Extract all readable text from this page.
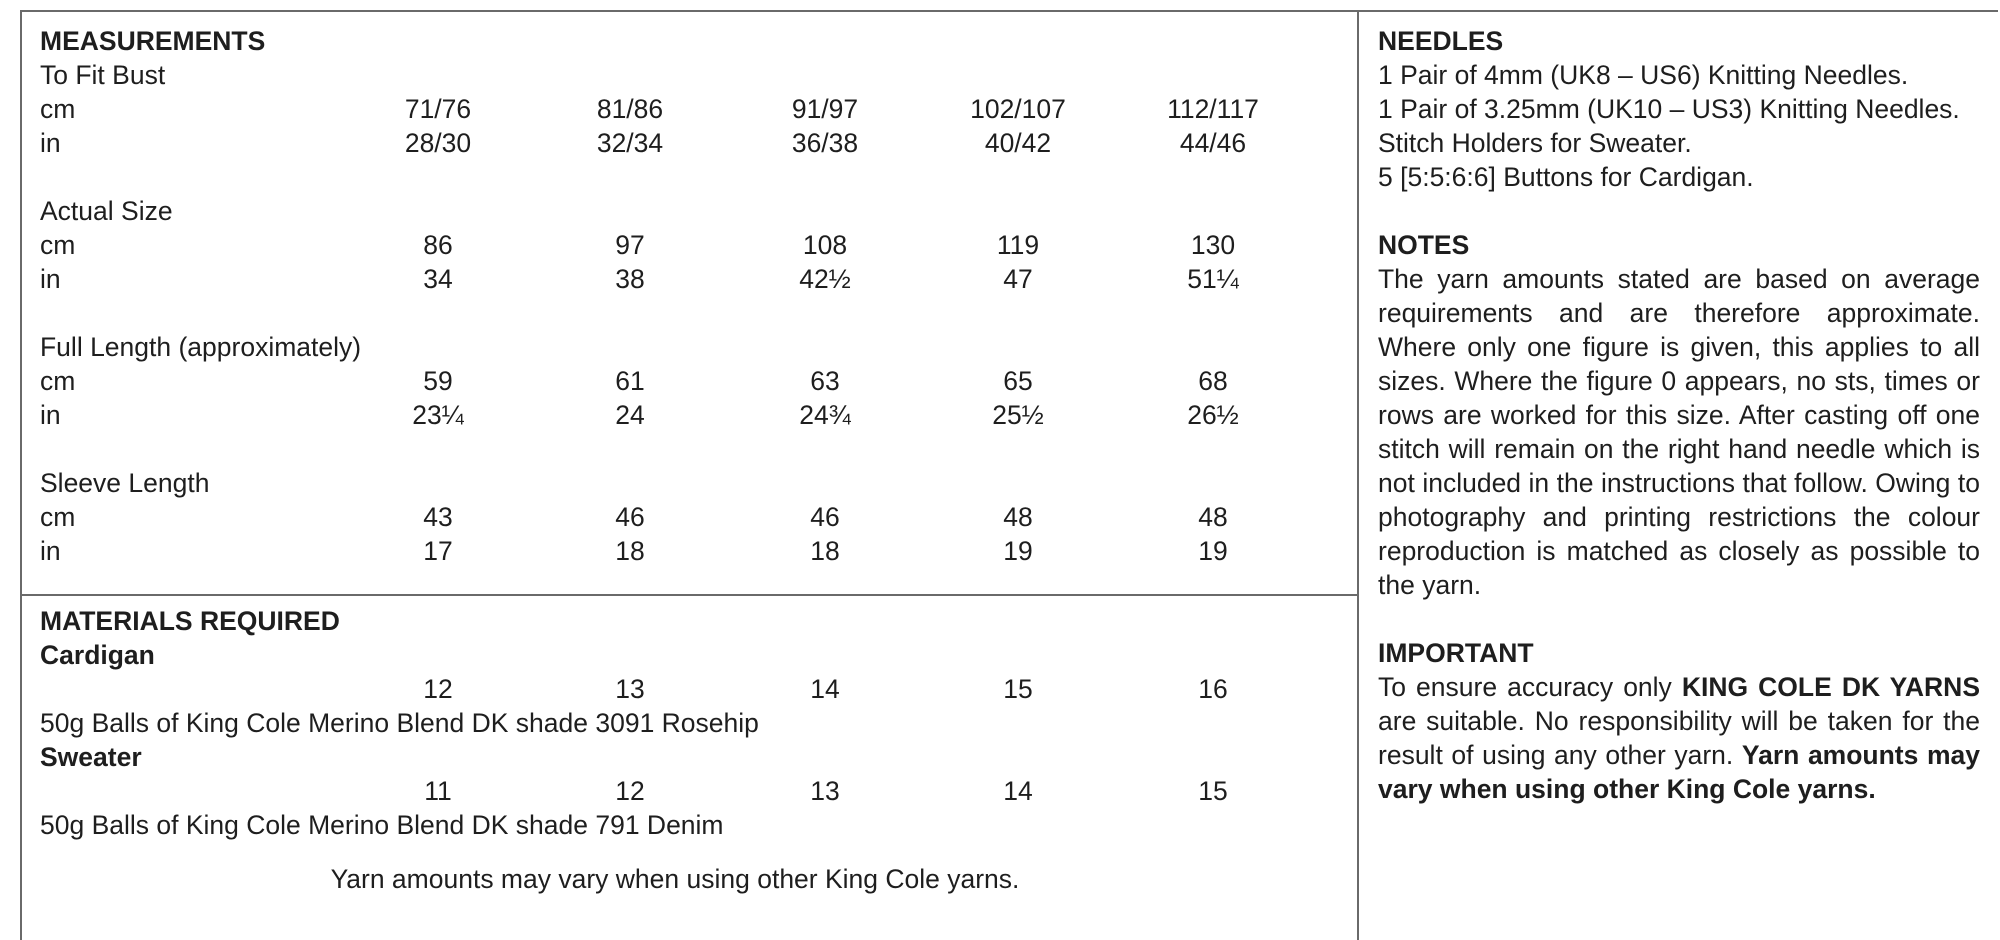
MEASUREMENTS
To Fit Bust
cm	71/76	81/86	91/97	102/107	112/117
in	28/30	32/34	36/38	40/42	44/46
Actual Size
cm	86	97	108	119	130
in	34	38	42½	47	51¼
Full Length (approximately)
cm	59	61	63	65	68
in	23¼	24	24¾	25½	26½
Sleeve Length
cm	43	46	46	48	48
in	17	18	18	19	19
MATERIALS REQUIRED
Cardigan
12	13	14	15	16
50g Balls of King Cole Merino Blend DK shade 3091 Rosehip
Sweater
11	12	13	14	15
50g Balls of King Cole Merino Blend DK shade 791 Denim
Yarn amounts may vary when using other King Cole yarns.

NEEDLES

1 Pair of 4mm (UK8 – US6) Knitting Needles.

1 Pair of 3.25mm (UK10 – US3) Knitting Needles.

Stitch Holders for Sweater.

5 [5:5:6:6] Buttons for Cardigan.

NOTES

The yarn amounts stated are based on average requirements and are therefore approximate. Where only one figure is given, this applies to all sizes. Where the figure 0 appears, no sts, times or rows are worked for this size. After casting off one stitch will remain on the right hand needle which is not included in the instructions that follow. Owing to photography and printing restrictions the colour reproduction is matched as closely as possible to the yarn.

IMPORTANT

To ensure accuracy only KING COLE DK YARNS are suitable. No responsibility will be taken for the result of using any other yarn. Yarn amounts may vary when using other King Cole yarns.
